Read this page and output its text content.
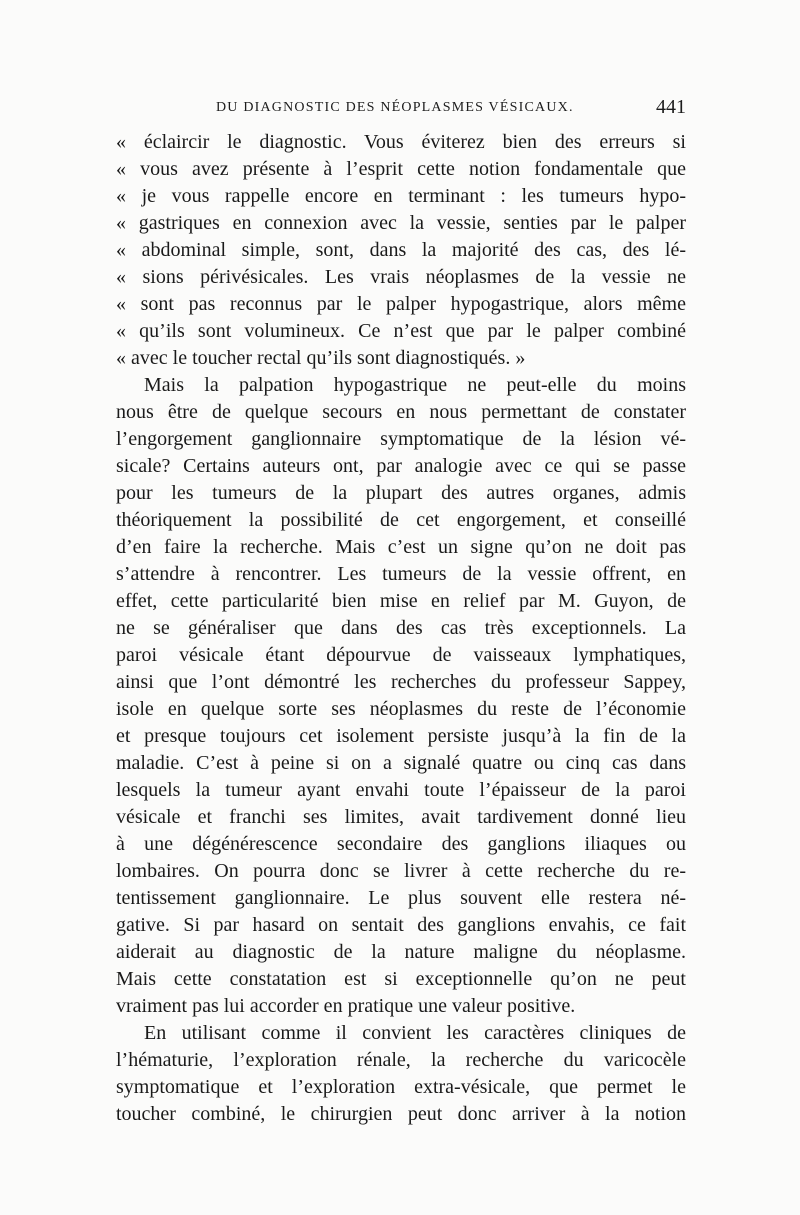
DU DIAGNOSTIC DES NÉOPLASMES VÉSICAUX.	441
« éclaircir le diagnostic. Vous éviterez bien des erreurs si
« vous avez présente à l’esprit cette notion fondamentale que
« je vous rappelle encore en terminant : les tumeurs hypo-
« gastriques en connexion avec la vessie, senties par le palper
« abdominal simple, sont, dans la majorité des cas, des lé-
« sions périvésicales. Les vrais néoplasmes de la vessie ne
« sont pas reconnus par le palper hypogastrique, alors même
« qu’ils sont volumineux. Ce n’est que par le palper combiné
« avec le toucher rectal qu’ils sont diagnostiqués. »
Mais la palpation hypogastrique ne peut-elle du moins
nous être de quelque secours en nous permettant de constater
l’engorgement ganglionnaire symptomatique de la lésion vé-
sicale? Certains auteurs ont, par analogie avec ce qui se passe
pour les tumeurs de la plupart des autres organes, admis
théoriquement la possibilité de cet engorgement, et conseillé
d’en faire la recherche. Mais c’est un signe qu’on ne doit pas
s’attendre à rencontrer. Les tumeurs de la vessie offrent, en
effet, cette particularité bien mise en relief par M. Guyon, de
ne se généraliser que dans des cas très exceptionnels. La
paroi vésicale étant dépourvue de vaisseaux lymphatiques,
ainsi que l’ont démontré les recherches du professeur Sappey,
isole en quelque sorte ses néoplasmes du reste de l’économie
et presque toujours cet isolement persiste jusqu’à la fin de la
maladie. C’est à peine si on a signalé quatre ou cinq cas dans
lesquels la tumeur ayant envahi toute l’épaisseur de la paroi
vésicale et franchi ses limites, avait tardivement donné lieu
à une dégénérescence secondaire des ganglions iliaques ou
lombaires. On pourra donc se livrer à cette recherche du re-
tentissement ganglionnaire. Le plus souvent elle restera né-
gative. Si par hasard on sentait des ganglions envahis, ce fait
aiderait au diagnostic de la nature maligne du néoplasme.
Mais cette constatation est si exceptionnelle qu’on ne peut
vraiment pas lui accorder en pratique une valeur positive.
En utilisant comme il convient les caractères cliniques de
l’hématurie, l’exploration rénale, la recherche du varicocèle
symptomatique et l’exploration extra-vésicale, que permet le
toucher combiné, le chirurgien peut donc arriver à la notion
